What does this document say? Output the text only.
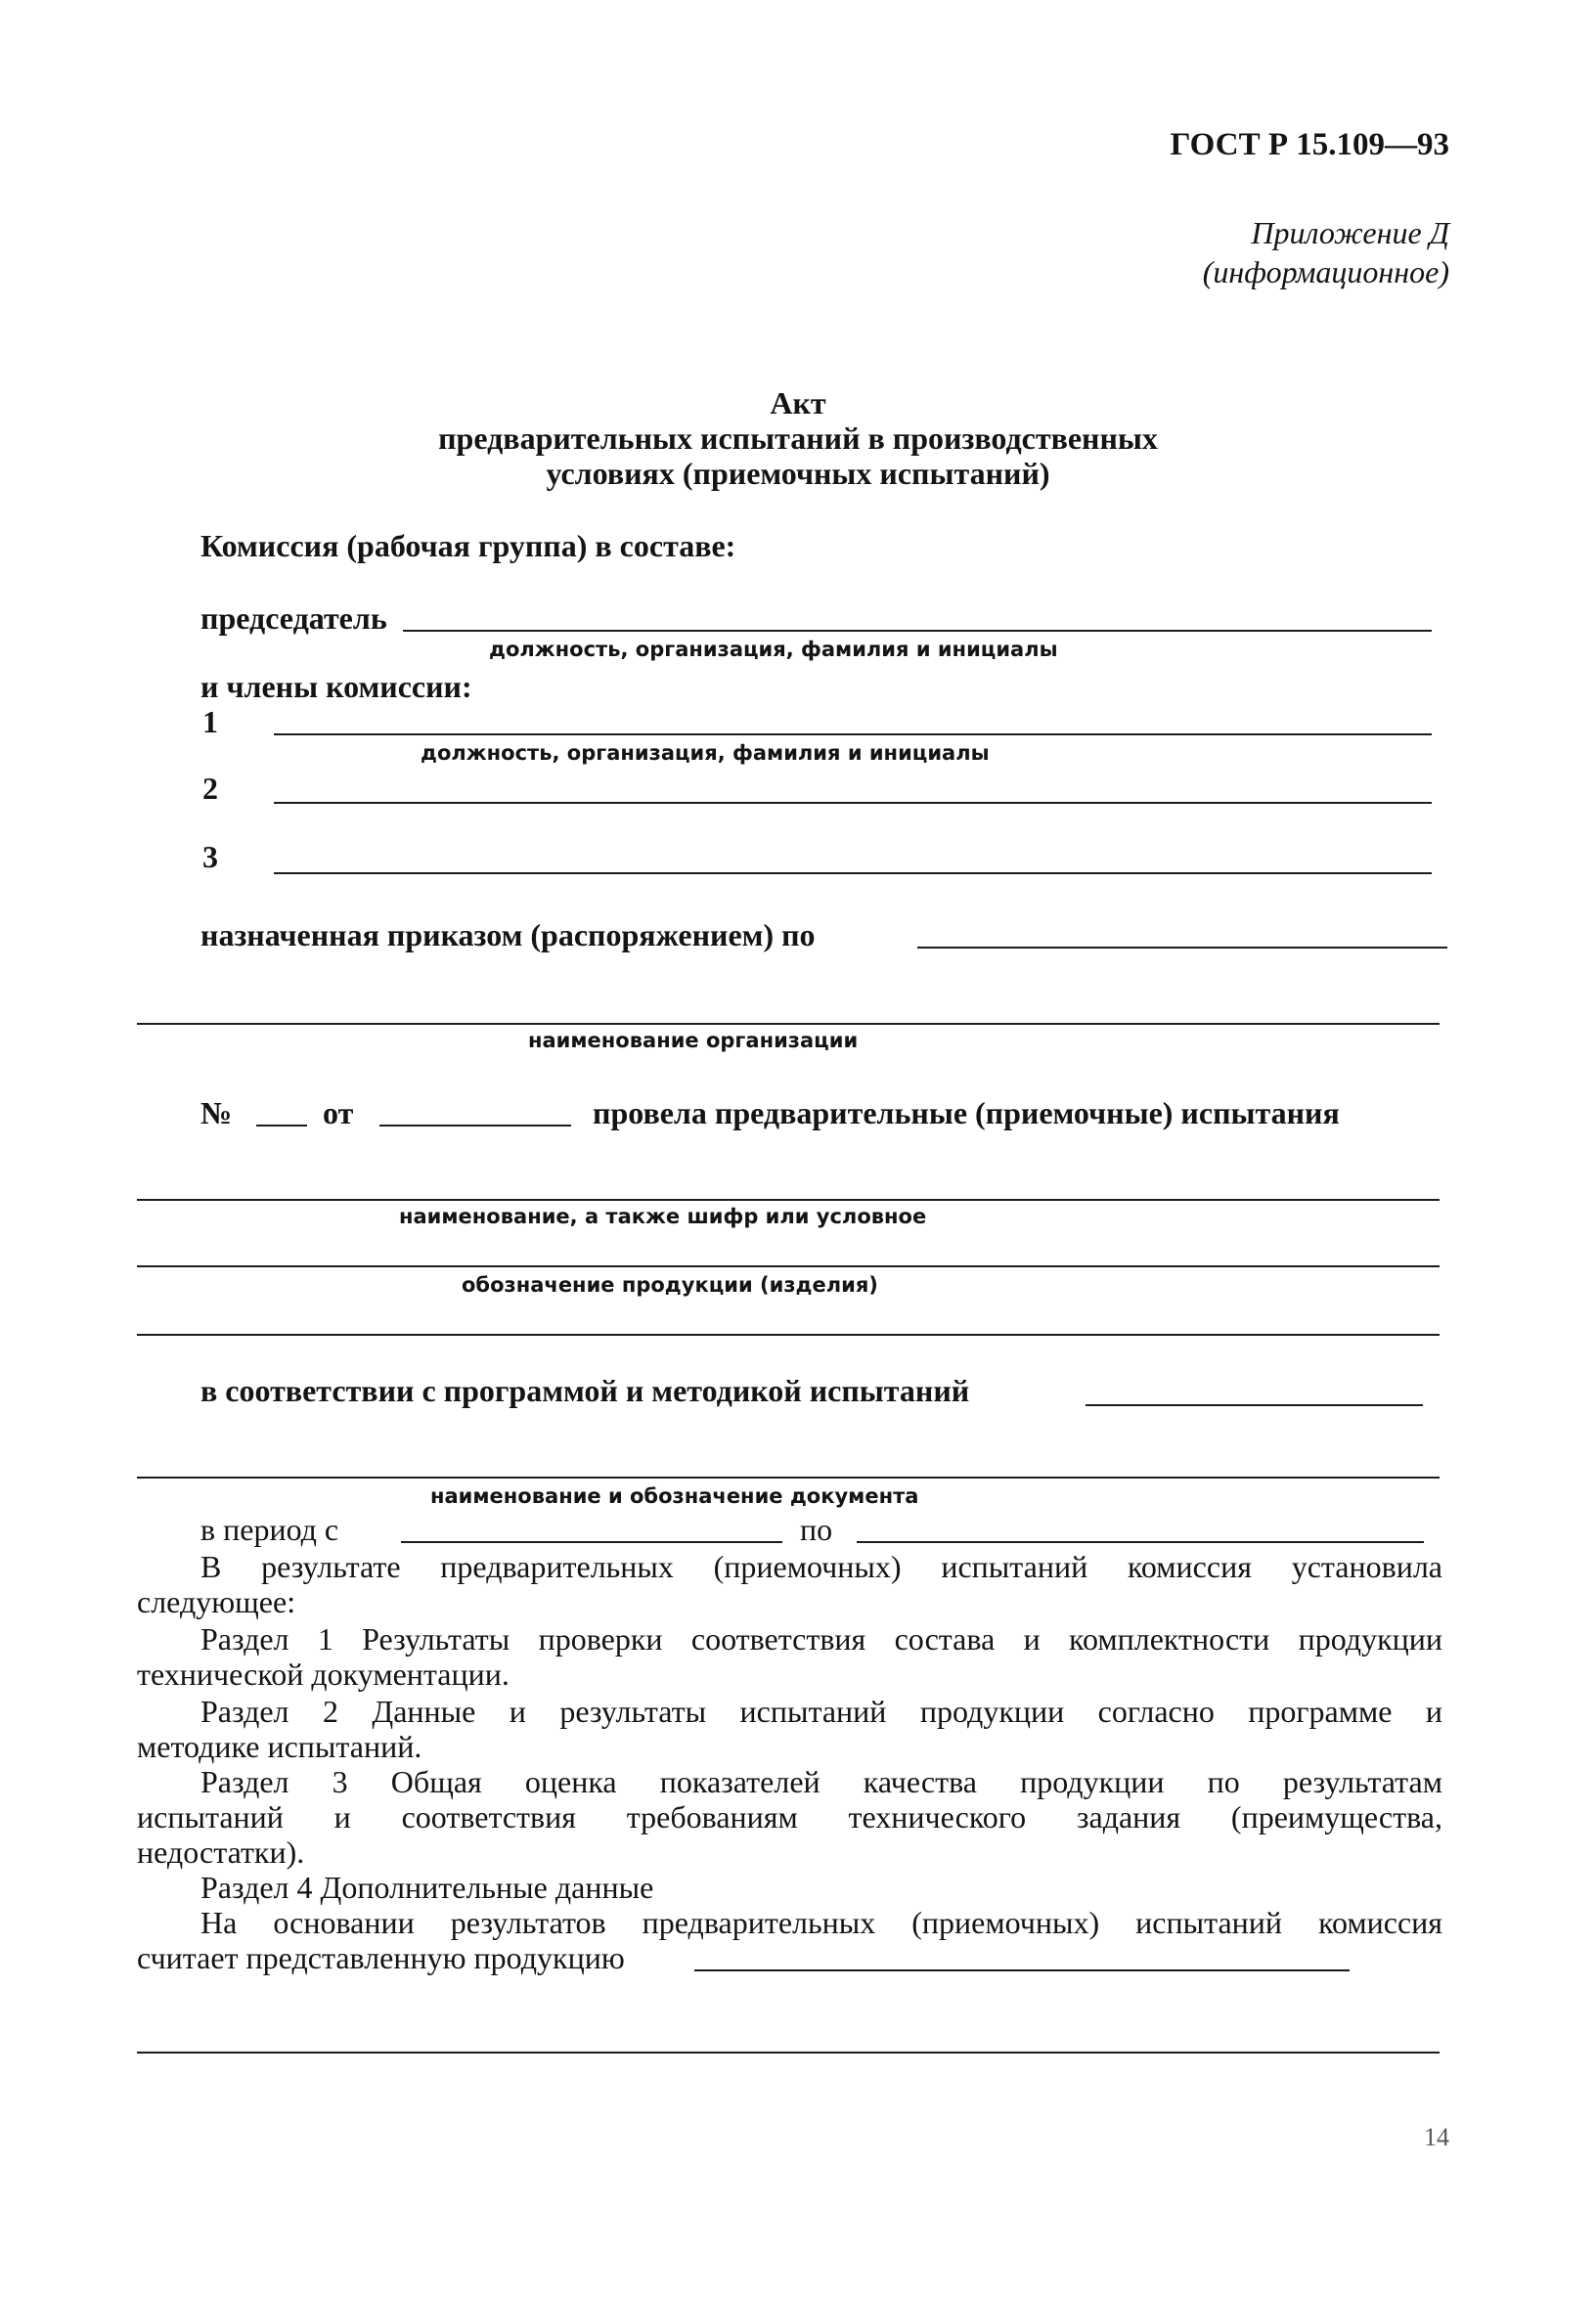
ГОСТ Р 15.109—93
Приложение Д
(информационное)
Акт
предварительных испытаний в производственных
условиях (приемочных испытаний)
Комиссия (рабочая группа) в составе:
председатель
должность, организация, фамилия и инициалы
и члены комиссии:
1
должность, организация, фамилия и инициалы
2
3
назначенная приказом (распоряжением) по
наименование организации
№	от	провела предварительные (приемочные) испытания
наименование, а также шифр или условное
обозначение продукции (изделия)
в соответствии с программой и методикой испытаний
наименование и обозначение документа
в период с	по
В результате предварительных (приемочных) испытаний комиссия установила
следующее:
Раздел 1 Результаты проверки соответствия состава и комплектности продукции
технической документации.
Раздел 2 Данные и результаты испытаний продукции согласно программе и
методике испытаний.
Раздел 3 Общая оценка показателей качества продукции по результатам
испытаний и соответствия требованиям технического задания (преимущества,
недостатки).
Раздел 4 Дополнительные данные
На основании результатов предварительных (приемочных) испытаний комиссия
считает представленную продукцию
14
